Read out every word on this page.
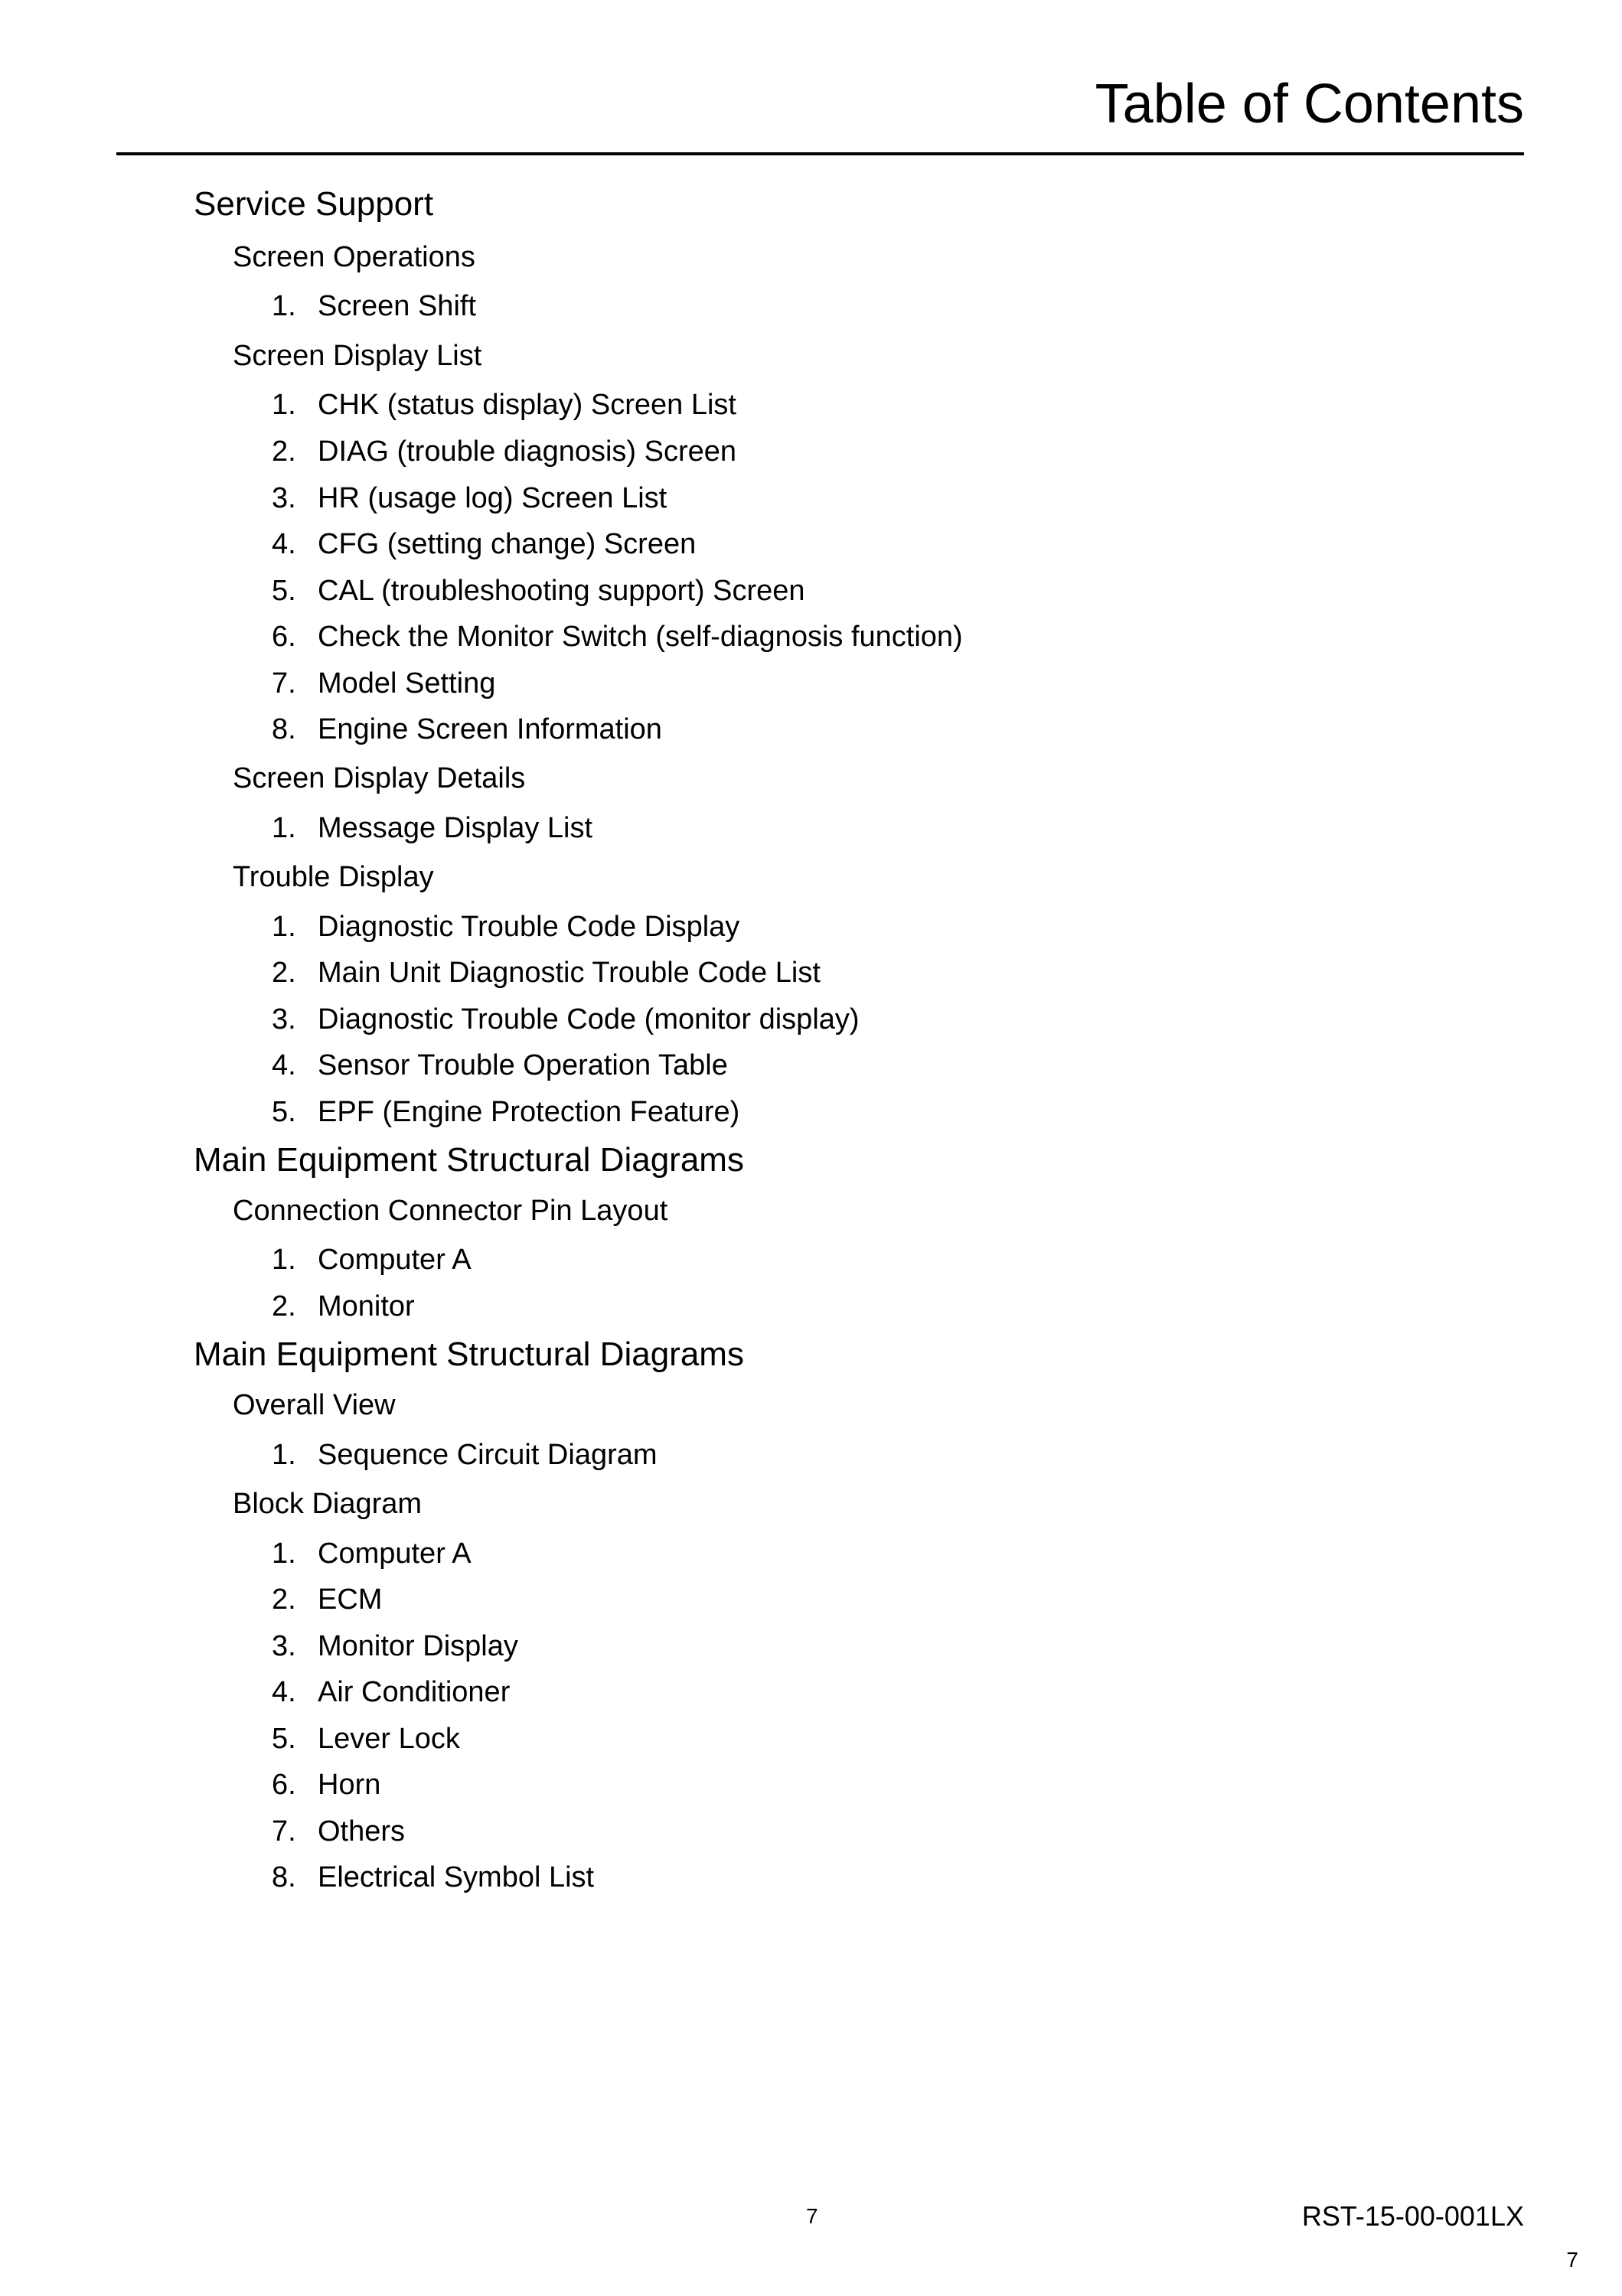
Table of Contents
Service Support
Screen Operations
1. Screen Shift
Screen Display List
1. CHK (status display) Screen List
2. DIAG (trouble diagnosis) Screen
3. HR (usage log) Screen List
4. CFG (setting change) Screen
5. CAL (troubleshooting support) Screen
6. Check the Monitor Switch (self-diagnosis function)
7. Model Setting
8. Engine Screen Information
Screen Display Details
1. Message Display List
Trouble Display
1. Diagnostic Trouble Code Display
2. Main Unit Diagnostic Trouble Code List
3. Diagnostic Trouble Code (monitor display)
4. Sensor Trouble Operation Table
5. EPF (Engine Protection Feature)
Main Equipment Structural Diagrams
Connection Connector Pin Layout
1. Computer A
2. Monitor
Main Equipment Structural Diagrams
Overall View
1. Sequence Circuit Diagram
Block Diagram
1. Computer A
2. ECM
3. Monitor Display
4. Air Conditioner
5. Lever Lock
6. Horn
7. Others
8. Electrical Symbol List
7	RST-15-00-001LX
7
